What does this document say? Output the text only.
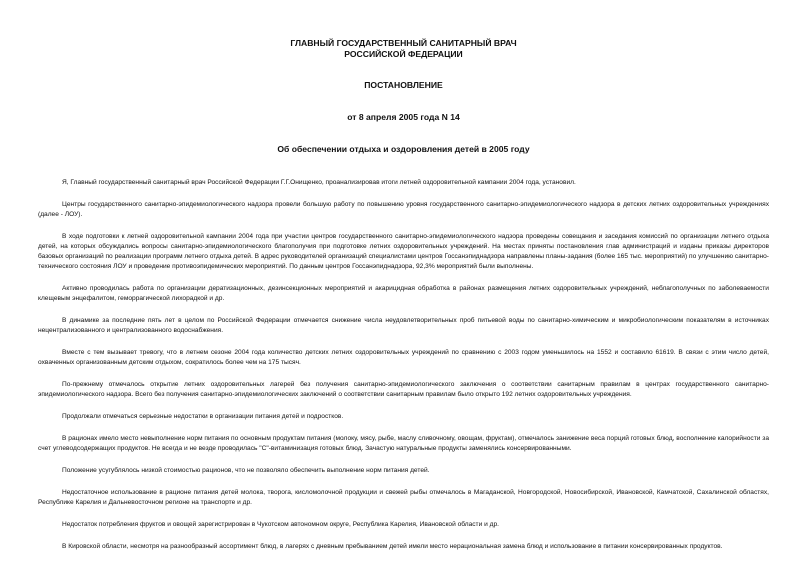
ГЛАВНЫЙ ГОСУДАРСТВЕННЫЙ САНИТАРНЫЙ ВРАЧ
РОССИЙСКОЙ ФЕДЕРАЦИИ
ПОСТАНОВЛЕНИЕ
от 8 апреля 2005 года N 14
Об обеспечении отдыха и оздоровления детей в 2005 году

Я, Главный государственный санитарный врач Российской Федерации Г.Г.Онищенко, проанализировав итоги летней оздоровительной кампании 2004 года, установил.

Центры государственного санитарно-эпидемиологического надзора провели большую работу по повышению уровня государственного санитарно-эпидемиологического надзора в детских летних оздоровительных учреждениях (далее - ЛОУ).

В ходе подготовки к летней оздоровительной кампании 2004 года при участии центров государственного санитарно-эпидемиологического надзора проведены совещания и заседания комиссий по организации летнего отдыха детей, на которых обсуждались вопросы санитарно-эпидемиологического благополучия при подготовке летних оздоровительных учреждений. На местах приняты постановления глав администраций и изданы приказы директоров базовых организаций по реализации программ летнего отдыха детей. В адрес руководителей организаций специалистами центров Госсанэпиднадзора направлены планы-задания (более 165 тыс. мероприятий) по улучшению санитарно-технического состояния ЛОУ и проведение противоэпидемических мероприятий. По данным центров Госсанэпиднадзора, 92,3% мероприятий были выполнены.

Активно проводилась работа по организации дератизационных, дезинсекционных мероприятий и акарицидная обработка в районах размещения летних оздоровительных учреждений, неблагополучных по заболеваемости клещевым энцефалитом, геморрагической лихорадкой и др.

В динамике за последние пять лет в целом по Российской Федерации отмечается снижение числа неудовлетворительных проб питьевой воды по санитарно-химическим и микробиологическим показателям в источниках нецентрализованного и централизованного водоснабжения.

Вместе с тем вызывает тревогу, что в летнем сезоне 2004 года количество детских летних оздоровительных учреждений по сравнению с 2003 годом уменьшилось на 1552 и составило 61619. В связи с этим число детей, охваченных организованным детским отдыхом, сократилось более чем на 175 тысяч.

По-прежнему отмечалось открытие летних оздоровительных лагерей без получения санитарно-эпидемиологического заключения о соответствии санитарным правилам в центрах государственного санитарно-эпидемиологического надзора. Всего без получения санитарно-эпидемиологических заключений о соответствии санитарным правилам было открыто 192 летних оздоровительных учреждения.

Продолжали отмечаться серьезные недостатки в организации питания детей и подростков.

В рационах имело место невыполнение норм питания по основным продуктам питания (молоку, мясу, рыбе, маслу сливочному, овощам, фруктам), отмечалось занижение веса порций готовых блюд, восполнение калорийности за счет углеводсодержащих продуктов. Не всегда и не везде проводилась "С"-витаминизация готовых блюд. Зачастую натуральные продукты заменялись консервированными.

Положение усугублялось низкой стоимостью рационов, что не позволяло обеспечить выполнение норм питания детей.

Недостаточное использование в рационе питания детей молока, творога, кисломолочной продукции и свежей рыбы отмечалось в Магаданской, Новгородской, Новосибирской, Ивановской, Камчатской, Сахалинской областях, Республике Карелия и Дальневосточном регионе на транспорте и др.

Недостаток потребления фруктов и овощей зарегистрирован в Чукотском автономном округе, Республика Карелия, Ивановской области и др.

В Кировской области, несмотря на разнообразный ассортимент блюд, в лагерях с дневным пребыванием детей имели место нерациональная замена блюд и использование в питании консервированных продуктов.
